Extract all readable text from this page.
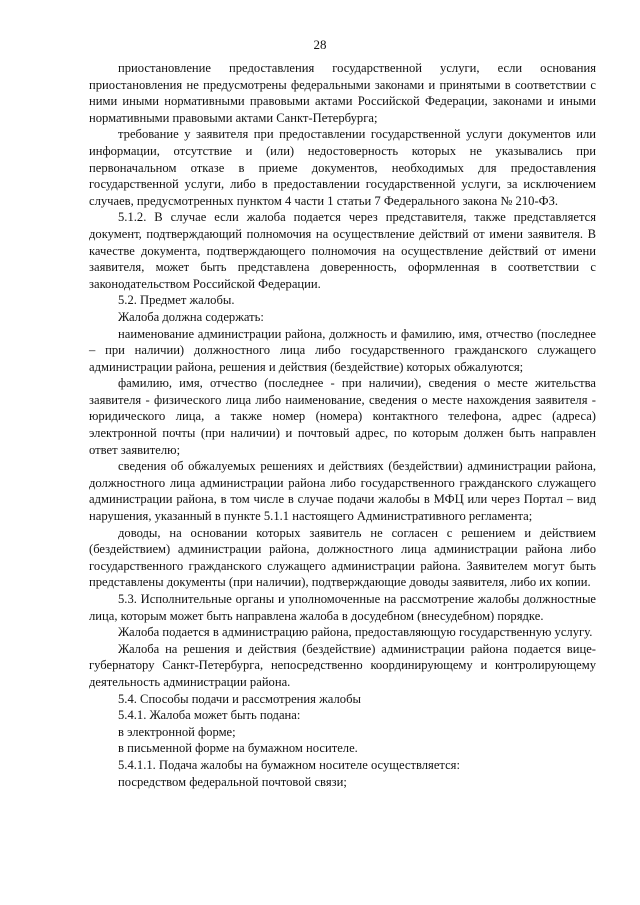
28

приостановление предоставления государственной услуги, если основания приостановления не предусмотрены федеральными законами и принятыми в соответствии с ними иными нормативными правовыми актами Российской Федерации, законами и иными нормативными правовыми актами Санкт-Петербурга;

требование у заявителя при предоставлении государственной услуги документов или информации, отсутствие и (или) недостоверность которых не указывались при первоначальном отказе в приеме документов, необходимых для предоставления государственной услуги, либо в предоставлении государственной услуги, за исключением случаев, предусмотренных пунктом 4 части 1 статьи 7 Федерального закона № 210-ФЗ.

5.1.2. В случае если жалоба подается через представителя, также представляется документ, подтверждающий полномочия на осуществление действий от имени заявителя. В качестве документа, подтверждающего полномочия на осуществление действий от имени заявителя, может быть представлена доверенность, оформленная в соответствии с законодательством Российской Федерации.

5.2. Предмет жалобы.

Жалоба должна содержать:

наименование администрации района, должность и фамилию, имя, отчество (последнее – при наличии) должностного лица либо государственного гражданского служащего администрации района, решения и действия (бездействие) которых обжалуются;

фамилию, имя, отчество (последнее - при наличии), сведения о месте жительства заявителя - физического лица либо наименование, сведения о месте нахождения заявителя - юридического лица, а также номер (номера) контактного телефона, адрес (адреса) электронной почты (при наличии) и почтовый адрес, по которым должен быть направлен ответ заявителю;

сведения об обжалуемых решениях и действиях (бездействии) администрации района, должностного лица администрации района либо государственного гражданского служащего администрации района, в том числе в случае подачи жалобы в МФЦ или через Портал – вид нарушения, указанный в пункте 5.1.1 настоящего Административного регламента;

доводы, на основании которых заявитель не согласен с решением и действием (бездействием) администрации района, должностного лица администрации района либо государственного гражданского служащего администрации района. Заявителем могут быть представлены документы (при наличии), подтверждающие доводы заявителя, либо их копии.

5.3. Исполнительные органы и уполномоченные на рассмотрение жалобы должностные лица, которым может быть направлена жалоба в досудебном (внесудебном) порядке.

Жалоба подается в администрацию района, предоставляющую государственную услугу.

Жалоба на решения и действия (бездействие) администрации района подается вице-губернатору Санкт-Петербурга, непосредственно координирующему и контролирующему деятельность администрации района.

5.4. Способы подачи и рассмотрения жалобы

5.4.1. Жалоба может быть подана:

в электронной форме;

в письменной форме на бумажном носителе.

5.4.1.1. Подача жалобы на бумажном носителе осуществляется:

посредством федеральной почтовой связи;
